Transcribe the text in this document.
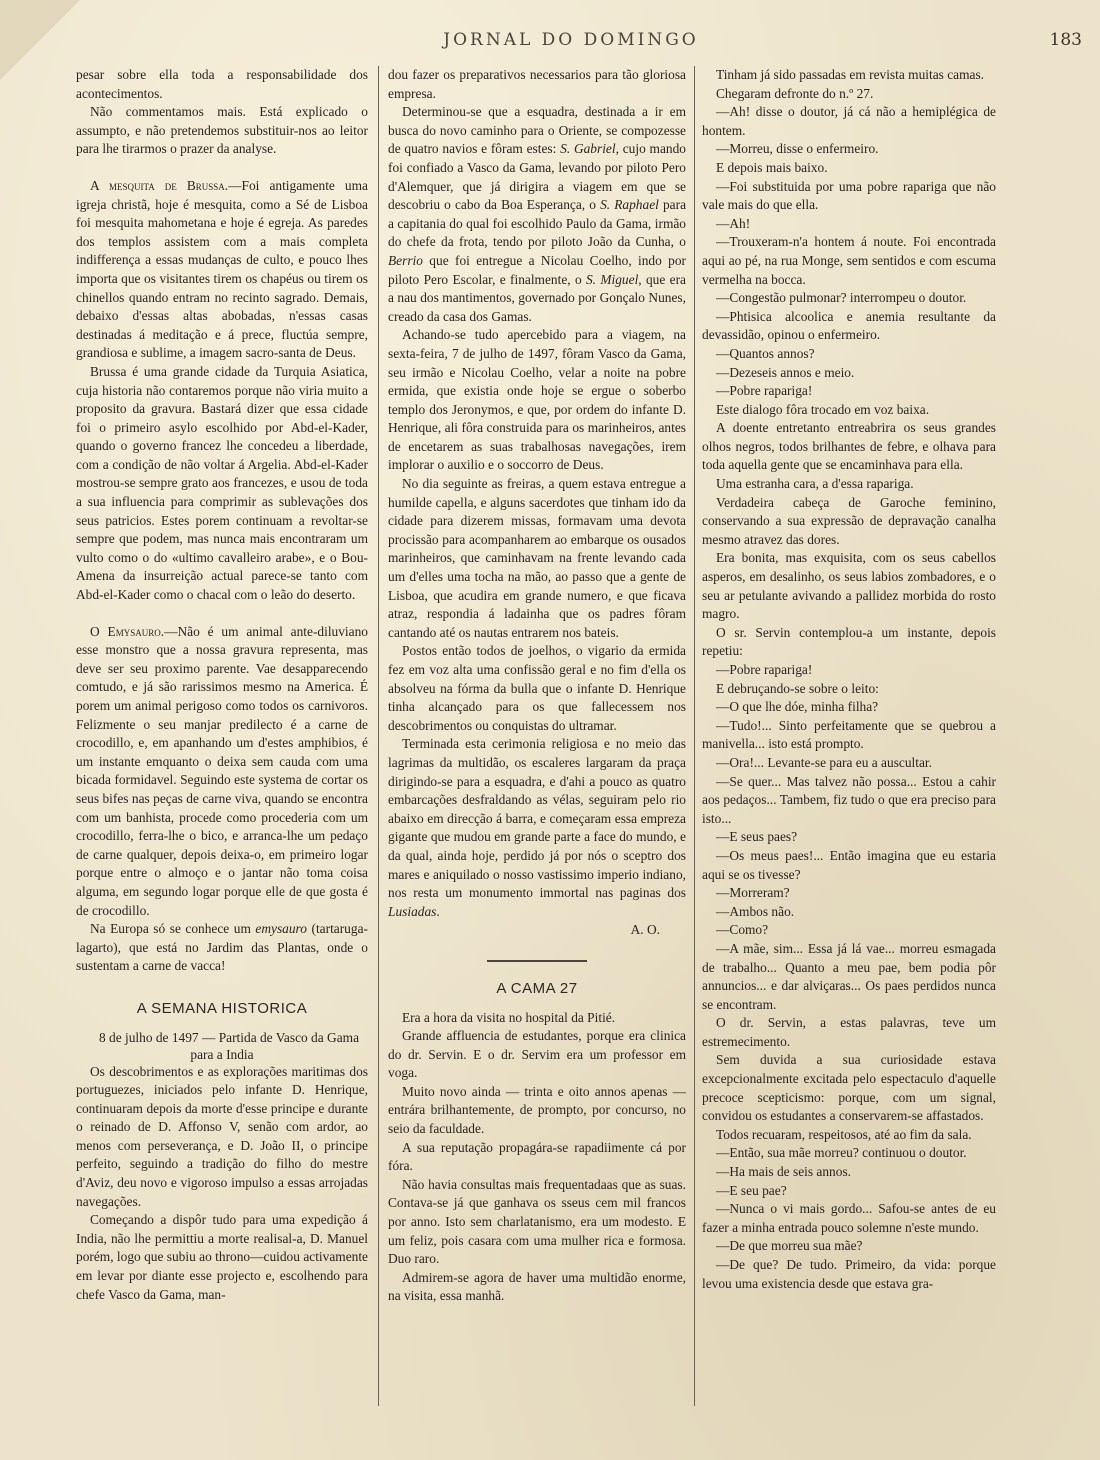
JORNAL DO DOMINGO	183

pesar sobre ella toda a responsabilidade dos acontecimentos.

Não commentamos mais. Está explicado o assumpto, e não pretendemos substituir-nos ao leitor para lhe tirarmos o prazer da analyse.

A mesquita de Brussa.—Foi antigamente uma igreja christã, hoje é mesquita, como a Sé de Lisboa foi mesquita mahometana e hoje é egreja. As paredes dos templos assistem com a mais completa indifferença a essas mudanças de culto, e pouco lhes importa que os visitantes tirem os chapéus ou tirem os chinellos quando entram no recinto sagrado. Demais, debaixo d'essas altas abobadas, n'essas casas destinadas á meditação e á prece, fluctúa sempre, grandiosa e sublime, a imagem sacro-santa de Deus.

Brussa é uma grande cidade da Turquia Asiatica, cuja historia não contaremos porque não viria muito a proposito da gravura. Bastará dizer que essa cidade foi o primeiro asylo escolhido por Abd-el-Kader, quando o governo francez lhe concedeu a liberdade, com a condição de não voltar á Argelia. Abd-el-Kader mostrou-se sempre grato aos francezes, e usou de toda a sua influencia para comprimir as sublevações dos seus patricios. Estes porem continuam a revoltar-se sempre que podem, mas nunca mais encontraram um vulto como o do «ultimo cavalleiro arabe», e o Bou-Amena da insurreição actual parece-se tanto com Abd-el-Kader como o chacal com o leão do deserto.

O Emysauro.—Não é um animal ante-diluviano esse monstro que a nossa gravura representa, mas deve ser seu proximo parente. Vae desapparecendo comtudo, e já são rarissimos mesmo na America. É porem um animal perigoso como todos os carnivoros. Felizmente o seu manjar predilecto é a carne de crocodillo, e, em apanhando um d'estes amphibios, é um instante emquanto o deixa sem cauda com uma bicada formidavel. Seguindo este systema de cortar os seus bifes nas peças de carne viva, quando se encontra com um banhista, procede como procederia com um crocodillo, ferra-lhe o bico, e arranca-lhe um pedaço de carne qualquer, depois deixa-o, em primeiro logar porque entre o almoço e o jantar não toma coisa alguma, em segundo logar porque elle de que gosta é de crocodillo.

Na Europa só se conhece um emysauro (tartaruga-lagarto), que está no Jardim das Plantas, onde o sustentam a carne de vacca!

A SEMANA HISTORICA

8 de julho de 1497 — Partida de Vasco da Gama para a India

Os descobrimentos e as explorações maritimas dos portuguezes, iniciados pelo infante D. Henrique, continuaram depois da morte d'esse principe e durante o reinado de D. Affonso V, senão com ardor, ao menos com perseverança, e D. João II, o principe perfeito, seguindo a tradição do filho do mestre d'Aviz, deu novo e vigoroso impulso a essas arrojadas navegações.

Começando a dispôr tudo para uma expedição á India, não lhe permittiu a morte realisal-a, D. Manuel porém, logo que subiu ao throno—cuidou activamente em levar por diante esse projecto e, escolhendo para chefe Vasco da Gama, man-

dou fazer os preparativos necessarios para tão gloriosa empresa.

Determinou-se que a esquadra, destinada a ir em busca do novo caminho para o Oriente, se compozesse de quatro navios e fôram estes: S. Gabriel, cujo mando foi confiado a Vasco da Gama, levando por piloto Pero d'Alemquer, que já dirigira a viagem em que se descobriu o cabo da Boa Esperança, o S. Raphael para a capitania do qual foi escolhido Paulo da Gama, irmão do chefe da frota, tendo por piloto João da Cunha, o Berrio que foi entregue a Nicolau Coelho, indo por piloto Pero Escolar, e finalmente, o S. Miguel, que era a nau dos mantimentos, governado por Gonçalo Nunes, creado da casa dos Gamas.

Achando-se tudo apercebido para a viagem, na sexta-feira, 7 de julho de 1497, fôram Vasco da Gama, seu irmão e Nicolau Coelho, velar a noite na pobre ermida, que existia onde hoje se ergue o soberbo templo dos Jeronymos, e que, por ordem do infante D. Henrique, ali fôra construida para os marinheiros, antes de encetarem as suas trabalhosas navegações, irem implorar o auxilio e o soccorro de Deus.

No dia seguinte as freiras, a quem estava entregue a humilde capella, e alguns sacerdotes que tinham ido da cidade para dizerem missas, formavam uma devota procissão para acompanharem ao embarque os ousados marinheiros, que caminhavam na frente levando cada um d'elles uma tocha na mão, ao passo que a gente de Lisboa, que acudira em grande numero, e que ficava atraz, respondia á ladainha que os padres fôram cantando até os nautas entrarem nos bateis.

Postos então todos de joelhos, o vigario da ermida fez em voz alta uma confissão geral e no fim d'ella os absolveu na fórma da bulla que o infante D. Henrique tinha alcançado para os que fallecessem nos descobrimentos ou conquistas do ultramar.

Terminada esta cerimonia religiosa e no meio das lagrimas da multidão, os escaleres largaram da praça dirigindo-se para a esquadra, e d'ahi a pouco as quatro embarcações desfraldando as vélas, seguiram pelo rio abaixo em direcção á barra, e começaram essa empreza gigante que mudou em grande parte a face do mundo, e da qual, ainda hoje, perdido já por nós o sceptro dos mares e aniquilado o nosso vastissimo imperio indiano, nos resta um monumento immortal nas paginas dos Lusiadas.

A. O.

A CAMA 27

Era a hora da visita no hospital da Pitié.

Grande affluencia de estudantes, porque era clinica do dr. Servin. E o dr. Servim era um professor em voga.

Muito novo ainda — trinta e oito annos apenas — entrára brilhantemente, de prompto, por concurso, no seio da faculdade.

A sua reputação propagára-se rapadiimente cá por fóra.

Não havia consultas mais frequentadaas que as suas. Contava-se já que ganhava os sseus cem mil francos por anno. Isto sem charlatanismo, era um modesto. E um feliz, pois casara com uma mulher rica e formosa. Duo raro.

Admirem-se agora de haver uma multidão enorme, na visita, essa manhã.

Tinham já sido passadas em revista muitas camas.

Chegaram defronte do n.º 27.

—Ah! disse o doutor, já cá não a hemiplégica de hontem.

—Morreu, disse o enfermeiro.

E depois mais baixo.

—Foi substituida por uma pobre rapariga que não vale mais do que ella.

—Ah!

—Trouxeram-n'a hontem á noute. Foi encontrada aqui ao pé, na rua Monge, sem sentidos e com escuma vermelha na bocca.

—Congestão pulmonar? interrompeu o doutor.

—Phtisica alcoolica e anemia resultante da devassidão, opinou o enfermeiro.

—Quantos annos?

—Dezeseis annos e meio.

—Pobre rapariga!

Este dialogo fôra trocado em voz baixa.

A doente entretanto entreabrira os seus grandes olhos negros, todos brilhantes de febre, e olhava para toda aquella gente que se encaminhava para ella.

Uma estranha cara, a d'essa rapariga.

Verdadeira cabeça de Garoche feminino, conservando a sua expressão de depravação canalha mesmo atravez das dores.

Era bonita, mas exquisita, com os seus cabellos asperos, em desalinho, os seus labios zombadores, e o seu ar petulante avivando a pallidez morbida do rosto magro.

O sr. Servin contemplou-a um instante, depois repetiu:

—Pobre rapariga!

E debruçando-se sobre o leito:

—O que lhe dóe, minha filha?

—Tudo!... Sinto perfeitamente que se quebrou a manivella... isto está prompto.

—Ora!... Levante-se para eu a auscultar.

—Se quer... Mas talvez não possa... Estou a cahir aos pedaços... Tambem, fiz tudo o que era preciso para isto...

—E seus paes?

—Os meus paes!... Então imagina que eu estaria aqui se os tivesse?

—Morreram?

—Ambos não.

—Como?

—A mãe, sim... Essa já lá vae... morreu esmagada de trabalho... Quanto a meu pae, bem podia pôr annuncios... e dar alviçaras... Os paes perdidos nunca se encontram.

O dr. Servin, a estas palavras, teve um estremecimento.

Sem duvida a sua curiosidade estava excepcionalmente excitada pelo espectaculo d'aquelle precoce scepticismo: porque, com um signal, convidou os estudantes a conservarem-se affastados.

Todos recuaram, respeitosos, até ao fim da sala.

—Então, sua mãe morreu? continuou o doutor.

—Ha mais de seis annos.

—E seu pae?

—Nunca o vi mais gordo... Safou-se antes de eu fazer a minha entrada pouco solemne n'este mundo.

—De que morreu sua mãe?

—De que? De tudo. Primeiro, da vida: porque levou uma existencia desde que estava gra-
